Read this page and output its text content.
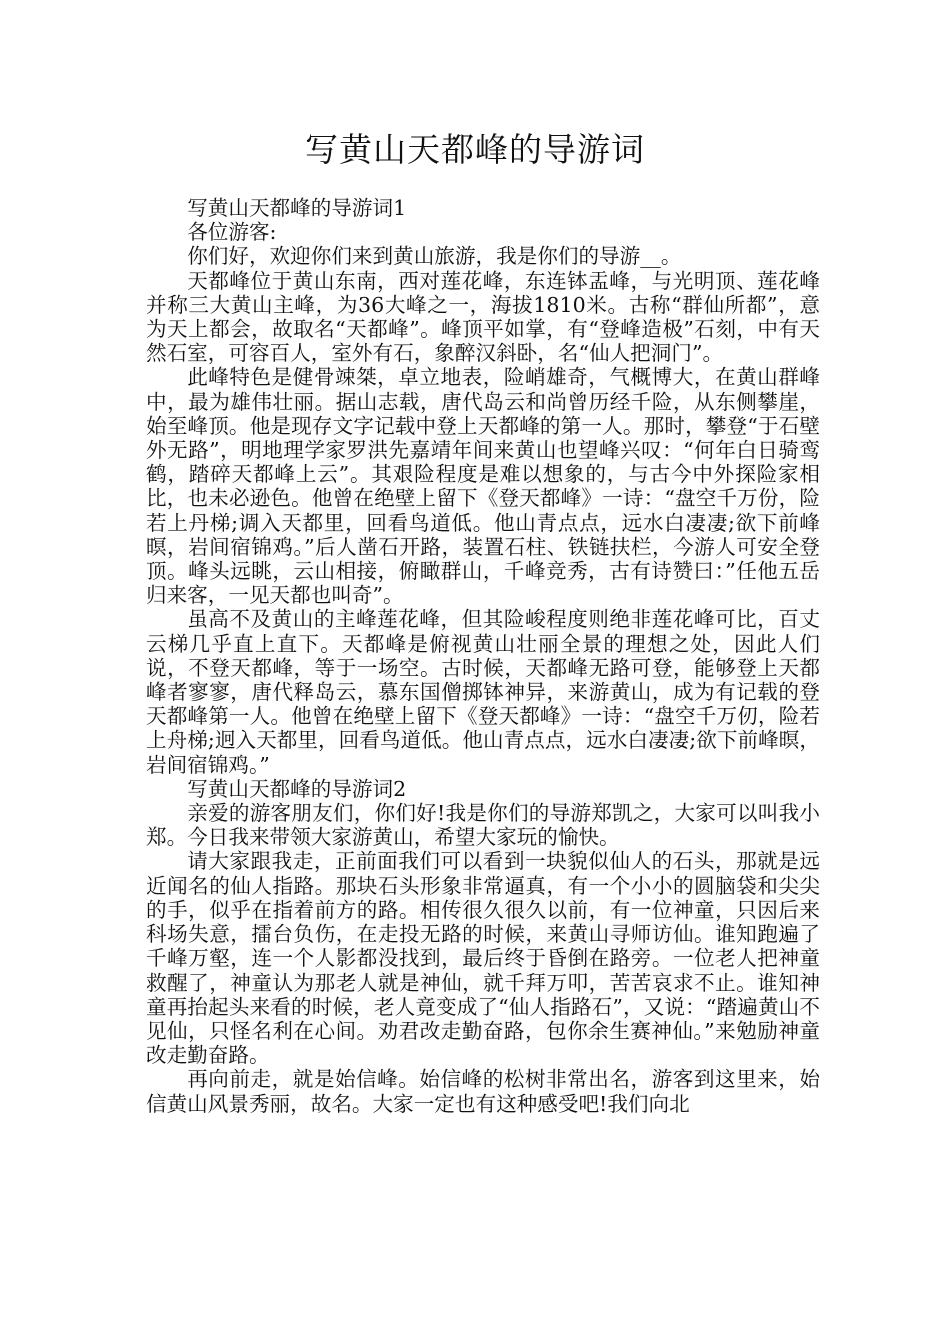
写黄山天都峰的导游词

写黄山天都峰的导游词1

各位游客:

你们好，欢迎你们来到黄山旅游，我是你们的导游__。

天都峰位于黄山东南，西对莲花峰，东连钵盂峰，与光明顶、莲花峰并称三大黄山主峰，为36大峰之一，海拔1810米。古称“群仙所都”，意为天上都会，故取名“天都峰”。峰顶平如掌，有“登峰造极”石刻，中有天然石室，可容百人，室外有石，象醉汉斜卧，名“仙人把洞门”。

此峰特色是健骨竦桀，卓立地表，险峭雄奇，气概博大，在黄山群峰中，最为雄伟壮丽。据山志载，唐代岛云和尚曾历经千险，从东侧攀崖，始至峰顶。他是现存文字记载中登上天都峰的第一人。那时，攀登“于石壁外无路”，明地理学家罗洪先嘉靖年间来黄山也望峰兴叹：“何年白日骑鸾鹤，踏碎天都峰上云”。其艰险程度是难以想象的，与古今中外探险家相比，也未必逊色。他曾在绝壁上留下《登天都峰》一诗：“盘空千万份，险若上丹梯;调入天都里，回看鸟道低。他山青点点，远水白凄凄;欲下前峰暝，岩间宿锦鸡。”后人凿石开路，装置石柱、铁链扶栏，今游人可安全登顶。峰头远眺，云山相接，俯瞰群山，千峰竞秀，古有诗赞曰：”任他五岳归来客，一见天都也叫奇”。

虽高不及黄山的主峰莲花峰，但其险峻程度则绝非莲花峰可比，百丈云梯几乎直上直下。天都峰是俯视黄山壮丽全景的理想之处，因此人们说，不登天都峰，等于一场空。古时候，天都峰无路可登，能够登上天都峰者寥寥，唐代释岛云，慕东国僧掷钵神异，来游黄山，成为有记载的登天都峰第一人。他曾在绝壁上留下《登天都峰》一诗：“盘空千万仞，险若上舟梯;迥入天都里，回看鸟道低。他山青点点，远水白凄凄;欲下前峰暝，岩间宿锦鸡。”

写黄山天都峰的导游词2

亲爱的游客朋友们，你们好!我是你们的导游郑凯之，大家可以叫我小郑。今日我来带领大家游黄山，希望大家玩的愉快。

请大家跟我走，正前面我们可以看到一块貌似仙人的石头，那就是远近闻名的仙人指路。那块石头形象非常逼真，有一个小小的圆脑袋和尖尖的手，似乎在指着前方的路。相传很久很久以前，有一位神童，只因后来科场失意，擂台负伤，在走投无路的时候，来黄山寻师访仙。谁知跑遍了千峰万壑，连一个人影都没找到，最后终于昏倒在路旁。一位老人把神童救醒了，神童认为那老人就是神仙，就千拜万叩，苦苦哀求不止。谁知神童再抬起头来看的时候，老人竟变成了“仙人指路石”，又说：“踏遍黄山不见仙，只怪名利在心间。劝君改走勤奋路，包你余生赛神仙。”来勉励神童改走勤奋路。

再向前走，就是始信峰。始信峰的松树非常出名，游客到这里来，始信黄山风景秀丽，故名。大家一定也有这种感受吧!我们向北
